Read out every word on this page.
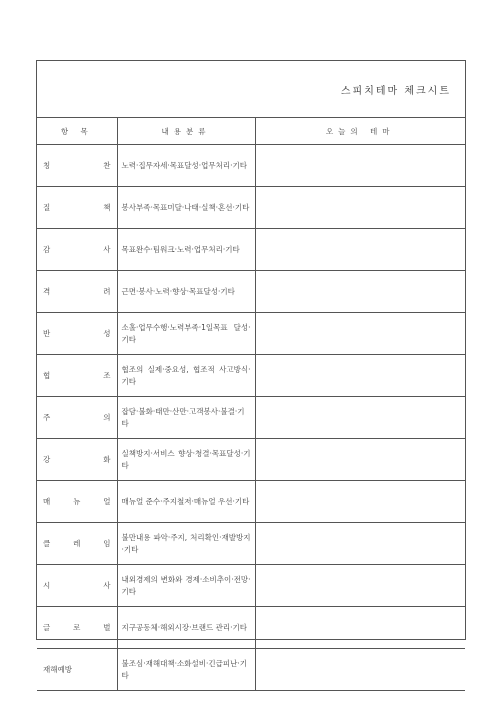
스피치테마 체크시트
항 목	내용분류	오늘의 테마

칭 찬	노력·집무자세·목표달성·업무처리·기타	

질 책	봉사부족·목표미달·나태·실책·혼선·기타	

감 사	목표완수·팀워크·노력·업무처리·기타	

격 려	근면·봉사·노력·향상·목표달성·기타	

반 성	소홀·업무수행·노력부족·1일목표 달성·기타	

협 조	협조의 실제·중요성, 협조적 사고방식·기타	

주 의	잡담·불화·태만·산만·고객봉사·불결·기타	

강 화	실책방지·서비스 향상·청결·목표달성·기타	

매 뉴 얼	매뉴얼 준수·주지철저·매뉴얼 우선·기타	

클 레 임	불만내용 파악·주지, 처리확인·재발방지·기타	

시 사	내외경제의 변화와 경제·소비추이·전망·기타	

글 로 벌	지구공동체·해외시장·브랜드 관리·기타	

재해예방	불조심·재해대책·소화설비·긴급피난·기타	
